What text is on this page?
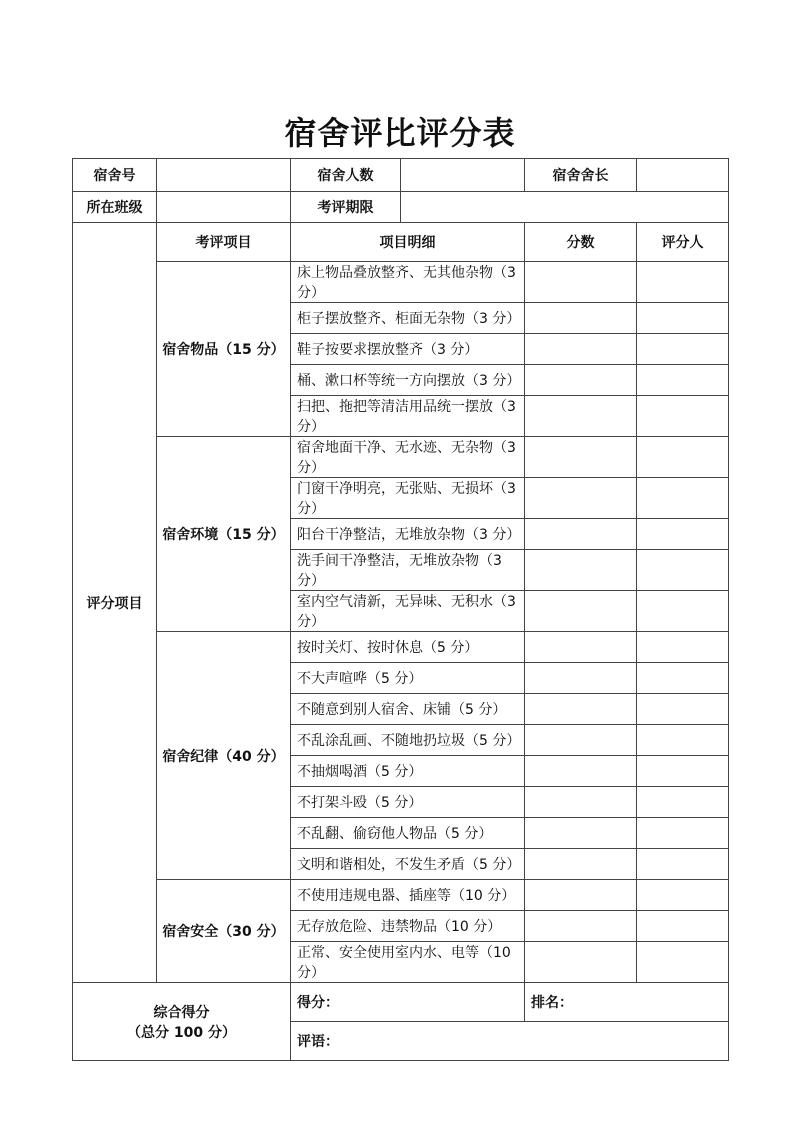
宿舍评比评分表
宿舍号		宿舍人数		宿舍舍长	
所在班级		考评期限			
评分项目	考评项目	项目明细		分数	评分人
	宿舍物品（15 分）	床上物品叠放整齐、无其他杂物（3 分）			
		柜子摆放整齐、柜面无杂物（3 分）			
		鞋子按要求摆放整齐（3 分）			
		桶、漱口杯等统一方向摆放（3 分）			
		扫把、拖把等清洁用品统一摆放（3 分）			
	宿舍环境（15 分）	宿舍地面干净、无水迹、无杂物（3 分）			
		门窗干净明亮，无张贴、无损坏（3 分）			
		阳台干净整洁，无堆放杂物（3 分）			
		洗手间干净整洁，无堆放杂物（3 分）			
		室内空气清新，无异味、无积水（3 分）			
	宿舍纪律（40 分）	按时关灯、按时休息（5 分）			
		不大声喧哗（5 分）			
		不随意到别人宿舍、床铺（5 分）			
		不乱涂乱画、不随地扔垃圾（5 分）			
		不抽烟喝酒（5 分）			
		不打架斗殴（5 分）			
		不乱翻、偷窃他人物品（5 分）			
		文明和谐相处，不发生矛盾（5 分）			
	宿舍安全（30 分）	不使用违规电器、插座等（10 分）			
		无存放危险、违禁物品（10 分）			
		正常、安全使用室内水、电等（10 分）			

综合得分
（总分 100 分）		得分：		排名：	
		评语：			
